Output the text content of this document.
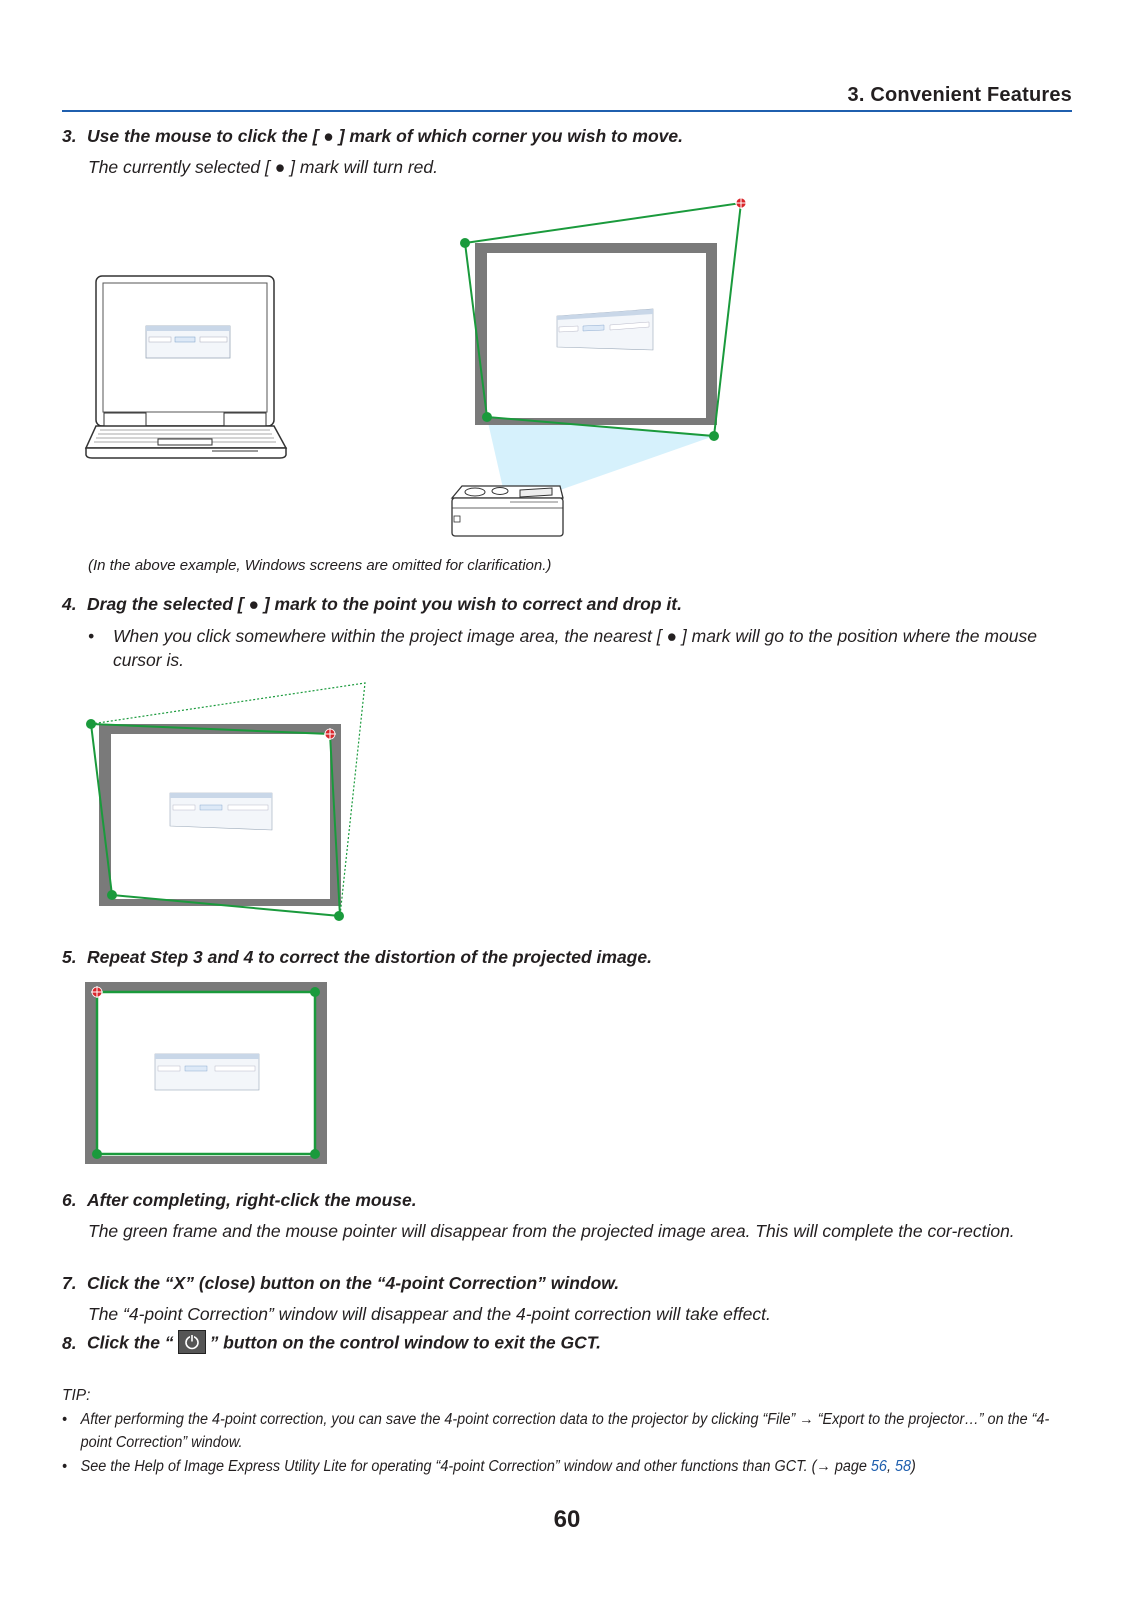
3. Convenient Features
3. Use the mouse to click the [ ● ] mark of which corner you wish to move.
The currently selected [ ● ] mark will turn red.
(In the above example, Windows screens are omitted for clarification.)
4. Drag the selected [ ● ] mark to the point you wish to correct and drop it.
• When you click somewhere within the project image area, the nearest [ ● ] mark will go to the position where the mouse cursor is.
5. Repeat Step 3 and 4 to correct the distortion of the projected image.
6. After completing, right-click the mouse.
The green frame and the mouse pointer will disappear from the projected image area. This will complete the cor-rection.
7. Click the “X” (close) button on the “4-point Correction” window.
The “4-point Correction” window will disappear and the 4-point correction will take effect.
8. Click the “ ” button on the control window to exit the GCT.
TIP:
• After performing the 4-point correction, you can save the 4-point correction data to the projector by clicking “File” → “Export to the projector…” on the “4-point Correction” window.
• See the Help of Image Express Utility Lite for operating “4-point Correction” window and other functions than GCT. (→ page 56, 58)
60
